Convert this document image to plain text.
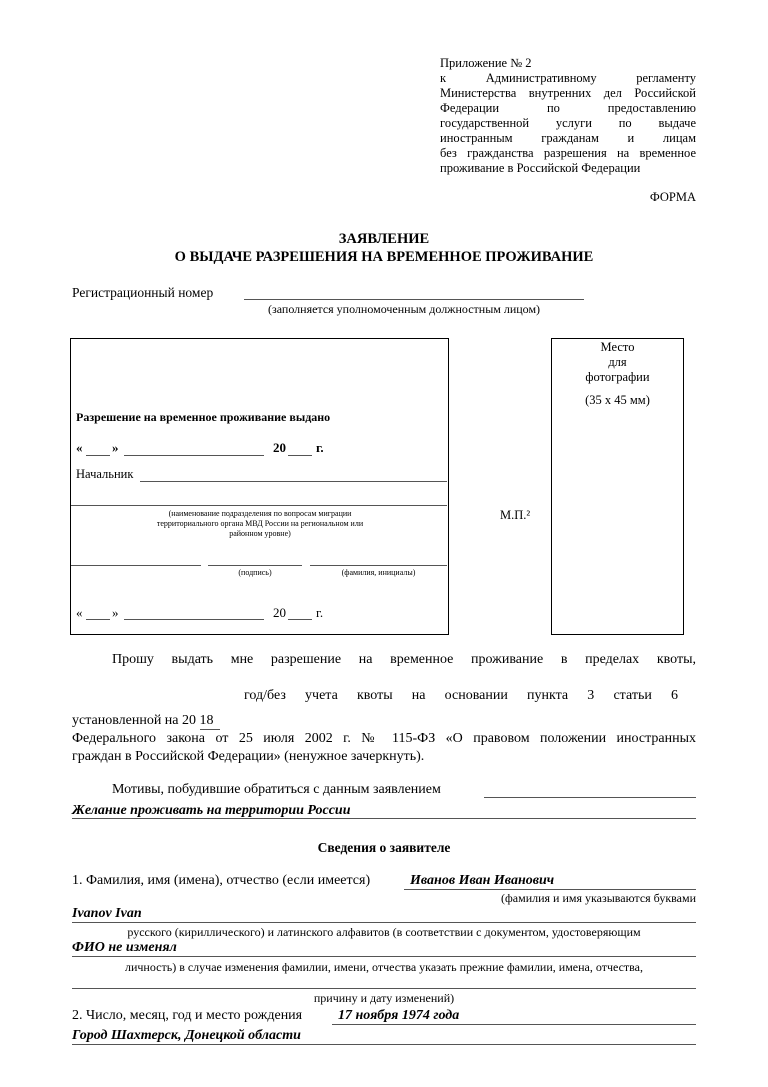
Приложение № 2
к Административному регламенту
Министерства внутренних дел Российской
Федерации по предоставлению
государственной услуги по выдаче
иностранным гражданам и лицам
без гражданства разрешения на временное
проживание в Российской Федерации
ФОРМА
ЗАЯВЛЕНИЕ
О ВЫДАЧЕ РАЗРЕШЕНИЯ НА ВРЕМЕННОЕ ПРОЖИВАНИЕ
Регистрационный номер
(заполняется уполномоченным должностным лицом)
Разрешение на временное проживание выдано
« »	20 г.
Начальник
(наименование подразделения по вопросам миграции территориального органа МВД России на региональном или районном уровне)
(подпись)	(фамилия, инициалы)
« »	20 г.
М.П.²
Место
для
фотографии
(35 х 45 мм)
Прошу выдать мне разрешение на временное проживание в пределах квоты,
год/без учета квоты на основании пункта 3 статьи 6
установленной на 20 18
Федерального закона от 25 июля 2002 г. № 115-ФЗ «О правовом положении иностранных
граждан в Российской Федерации» (ненужное зачеркнуть).
Мотивы, побудившие обратиться с данным заявлением
Желание проживать на территории России
Сведения о заявителе
1. Фамилия, имя (имена), отчество (если имеется)	Иванов Иван Иванович
(фамилия и имя указываются буквами
Ivanov Ivan
русского (кириллического) и латинского алфавитов (в соответствии с документом, удостоверяющим
ФИО не изменял
личность) в случае изменения фамилии, имени, отчества указать прежние фамилии, имена, отчества,
причину и дату изменений)
2. Число, месяц, год и место рождения	17 ноября 1974 года
Город Шахтерск, Донецкой области
